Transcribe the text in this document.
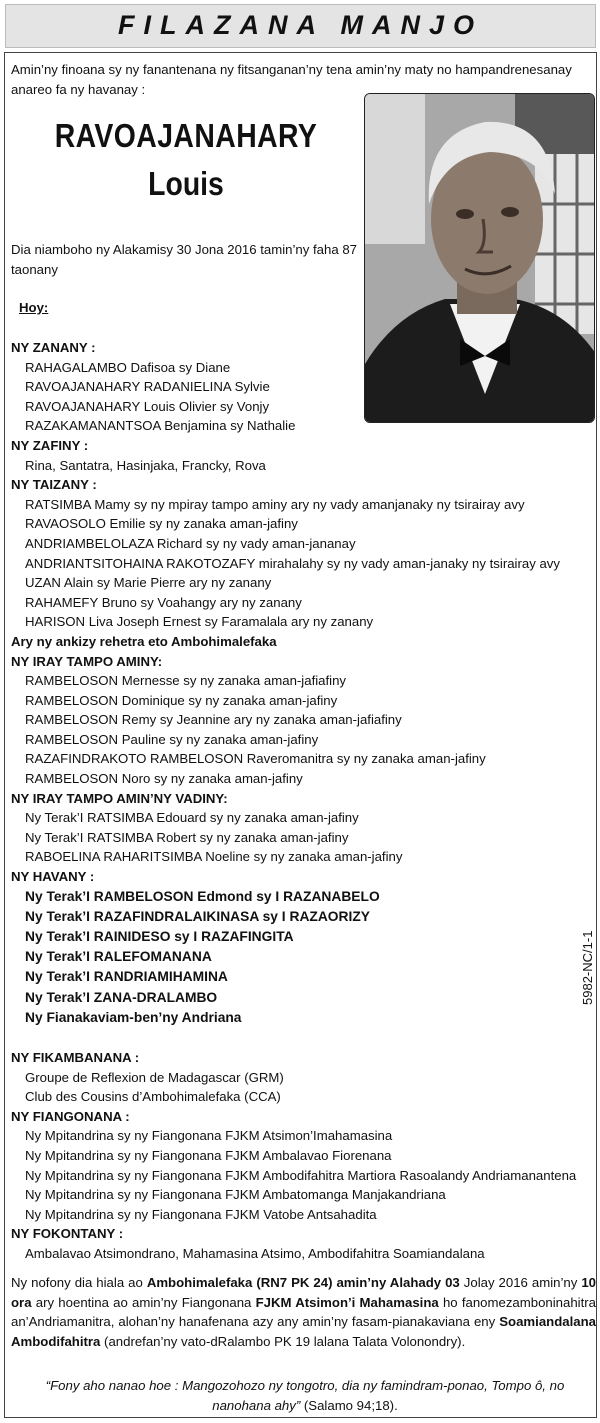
FILAZANA MANJO

Amin’ny finoana sy ny fanantenana ny fitsanganan’ny tena amin’ny maty no hampandrenesanay anareo fa ny havanay :

RAVOAJANAHARY
Louis

Dia niamboho ny Alakamisy 30 Jona 2016 tamin’ny faha 87 taonany

Hoy:
NY ZANANY :
RAHAGALAMBO Dafisoa sy Diane
RAVOAJANAHARY RADANIELINA Sylvie
RAVOAJANAHARY Louis Olivier sy Vonjy
RAZAKAMANANTSOA Benjamina sy Nathalie
NY ZAFINY :
Rina, Santatra, Hasinjaka, Francky, Rova
NY TAIZANY :
RATSIMBA Mamy sy ny mpiray tampo aminy ary ny vady amanjanaky ny tsirairay avy
RAVAOSOLO Emilie sy ny zanaka aman-jafiny
ANDRIAMBELOLAZA Richard sy ny vady aman-jananay
ANDRIANTSITOHAINA RAKOTOZAFY mirahalahy sy ny vady aman-janaky ny tsirairay avy
UZAN Alain sy Marie Pierre ary ny zanany
RAHAMEFY Bruno sy Voahangy ary ny zanany
HARISON Liva Joseph Ernest sy Faramalala ary ny zanany
Ary ny ankizy rehetra eto Ambohimalefaka
NY IRAY TAMPO AMINY:
RAMBELOSON Mernesse sy ny zanaka aman-jafiafiny
RAMBELOSON Dominique sy ny zanaka aman-jafiny
RAMBELOSON Remy sy Jeannine ary ny zanaka aman-jafiafiny
RAMBELOSON Pauline sy ny zanaka aman-jafiny
RAZAFINDRAKOTO RAMBELOSON Raveromanitra sy ny zanaka aman-jafiny
RAMBELOSON Noro sy ny zanaka aman-jafiny
NY IRAY TAMPO AMIN’NY VADINY:
Ny Terak’I RATSIMBA Edouard sy ny zanaka aman-jafiny
Ny Terak’I RATSIMBA Robert sy ny zanaka aman-jafiny
RABOELINA RAHARITSIMBA Noeline sy ny zanaka aman-jafiny
NY HAVANY :
Ny Terak’I RAMBELOSON Edmond sy I RAZANABELO
Ny Terak’I RAZAFINDRALAIKINASA sy I RAZAORIZY
Ny Terak’I RAINIDESO sy I RAZAFINGITA
Ny Terak’I RALEFOMANANA
Ny Terak’I RANDRIAMIHAMINA
Ny Terak’I ZANA-DRALAMBO
Ny Fianakaviam-ben’ny Andriana
NY FIKAMBANANA :
Groupe de Reflexion de Madagascar (GRM)
Club des Cousins d’Ambohimalefaka (CCA)
NY FIANGONANA :
Ny Mpitandrina sy ny Fiangonana FJKM Atsimon’Imahamasina
Ny Mpitandrina sy ny Fiangonana FJKM Ambalavao Fiorenana
Ny Mpitandrina sy ny Fiangonana FJKM Ambodifahitra Martiora Rasoalandy Andriamanantena
Ny Mpitandrina sy ny Fiangonana FJKM Ambatomanga Manjakandriana
Ny Mpitandrina sy ny Fiangonana FJKM Vatobe Antsahadita
NY FOKONTANY :
Ambalavao Atsimondrano, Mahamasina Atsimo, Ambodifahitra Soamiandalana
5982-NC/1-1

Ny nofony dia hiala ao Ambohimalefaka (RN7 PK 24) amin’ny Alahady 03 Jolay 2016 amin’ny 10 ora ary hoentina ao amin’ny Fiangonana FJKM Atsimon’i Mahamasina ho fanomezamboninahitra an’Andriamanitra, alohan’ny hanafenana azy any amin’ny fasam-pianakaviana eny Soamiandalana Ambodifahitra (andrefan’ny vato-dRalambo PK 19 lalana Talata Volonondry).

“Fony aho nanao hoe : Mangozohozo ny tongotro, dia ny famindram-ponao, Tompo ô, no nanohana ahy” (Salamo 94;18).
